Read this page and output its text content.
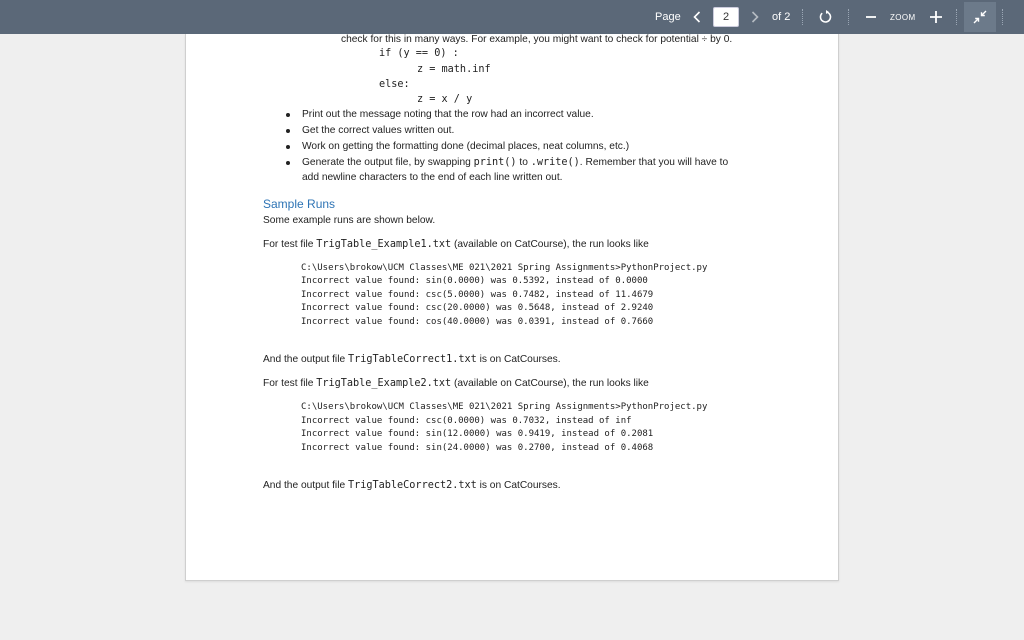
Page
2	of 2	ZOOM
check for this in many ways. For example, you might want to check for potential ÷ by 0.
if (y == 0) :
z = math.inf
else:
z = x / y
Print out the message noting that the row had an incorrect value.
Get the correct values written out.
Work on getting the formatting done (decimal places, neat columns, etc.)
Generate the output file, by swapping print() to .write(). Remember that you will have to
add newline characters to the end of each line written out.
Sample Runs
Some example runs are shown below.
For test file TrigTable_Example1.txt (available on CatCourse), the run looks like
C:\Users\brokow\UCM Classes\ME 021\2021 Spring Assignments>PythonProject.py
Incorrect value found: sin(0.0000) was 0.5392, instead of 0.0000
Incorrect value found: csc(5.0000) was 0.7482, instead of 11.4679
Incorrect value found: csc(20.0000) was 0.5648, instead of 2.9240
Incorrect value found: cos(40.0000) was 0.0391, instead of 0.7660
And the output file TrigTableCorrect1.txt is on CatCourses.
For test file TrigTable_Example2.txt (available on CatCourse), the run looks like
C:\Users\brokow\UCM Classes\ME 021\2021 Spring Assignments>PythonProject.py
Incorrect value found: csc(0.0000) was 0.7032, instead of inf
Incorrect value found: sin(12.0000) was 0.9419, instead of 0.2081
Incorrect value found: sin(24.0000) was 0.2700, instead of 0.4068
And the output file TrigTableCorrect2.txt is on CatCourses.
